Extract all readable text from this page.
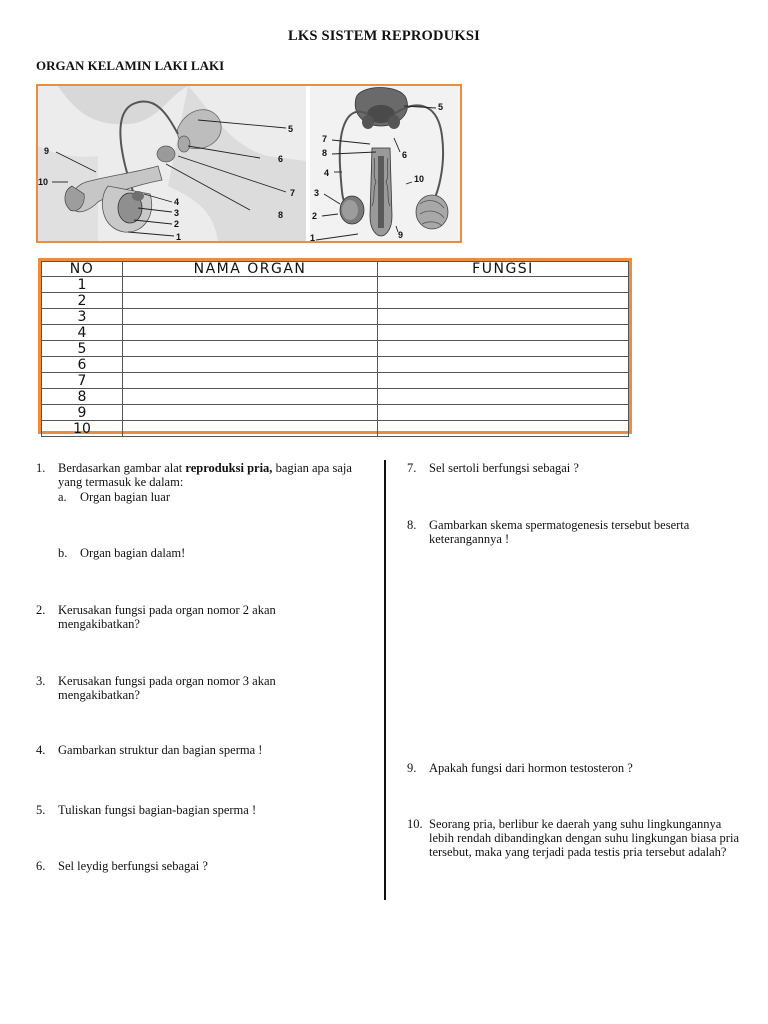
LKS SISTEM REPRODUKSI
ORGAN KELAMIN LAKI LAKI
9
10
5
6
7
8
4
3
2
1
5
7
8	6
4
10
3
2
9
1
NO	NAMA ORGAN	FUNGSI
1		
2		
3		
4		
5		
6		
7		
8		
9		
10		
1. Berdasarkan gambar alat reproduksi pria, bagian apa saja yang termasuk ke dalam:
a. Organ bagian luar
b. Organ bagian dalam!
2. Kerusakan fungsi pada organ nomor 2 akan mengakibatkan?
3. Kerusakan fungsi pada organ nomor 3 akan mengakibatkan?
4. Gambarkan struktur dan bagian sperma !
5. Tuliskan fungsi bagian-bagian sperma !
6. Sel leydig berfungsi sebagai ?
7. Sel sertoli berfungsi sebagai ?
8. Gambarkan skema spermatogenesis tersebut beserta keterangannya !
9. Apakah fungsi dari hormon testosteron ?
10. Seorang pria, berlibur ke daerah yang suhu lingkungannya lebih rendah dibandingkan dengan suhu lingkungan biasa pria tersebut, maka yang terjadi pada testis pria tersebut adalah?
